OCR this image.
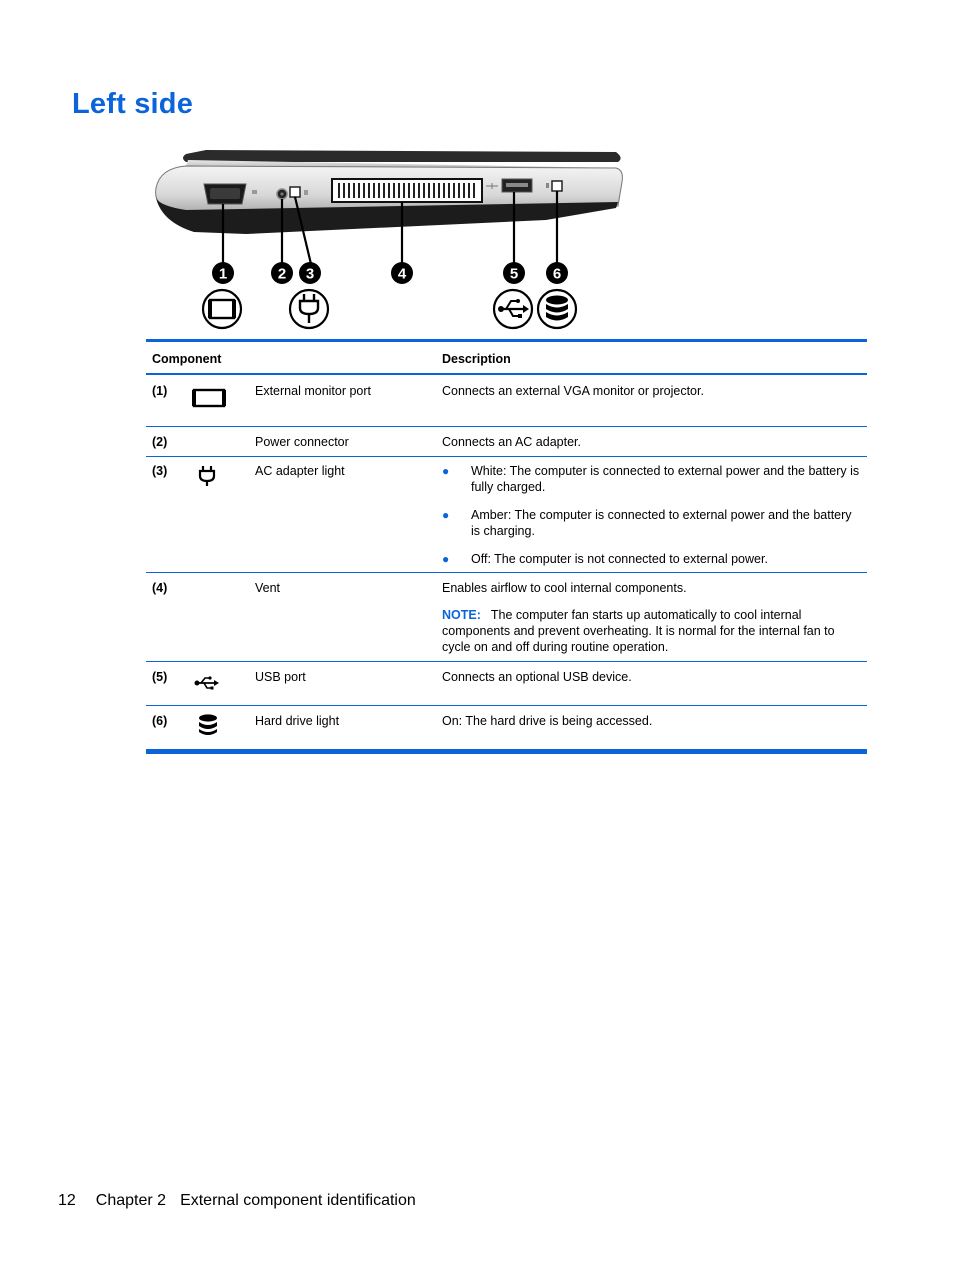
Left side
1	2 3	4	5 6
Component	Description
(1)	External monitor port	Connects an external VGA monitor or projector.
(2)	Power connector	Connects an AC adapter.
(3)	AC adapter light	● White: The computer is connected to external power and the battery is fully charged.
● Amber: The computer is connected to external power and the battery is charging.
● Off: The computer is not connected to external power.
(4)	Vent	Enables airflow to cool internal components.
NOTE: The computer fan starts up automatically to cool internal components and prevent overheating. It is normal for the internal fan to cycle on and off during routine operation.
(5)	USB port	Connects an optional USB device.
(6)	Hard drive light	On: The hard drive is being accessed.
12 Chapter 2 External component identification
